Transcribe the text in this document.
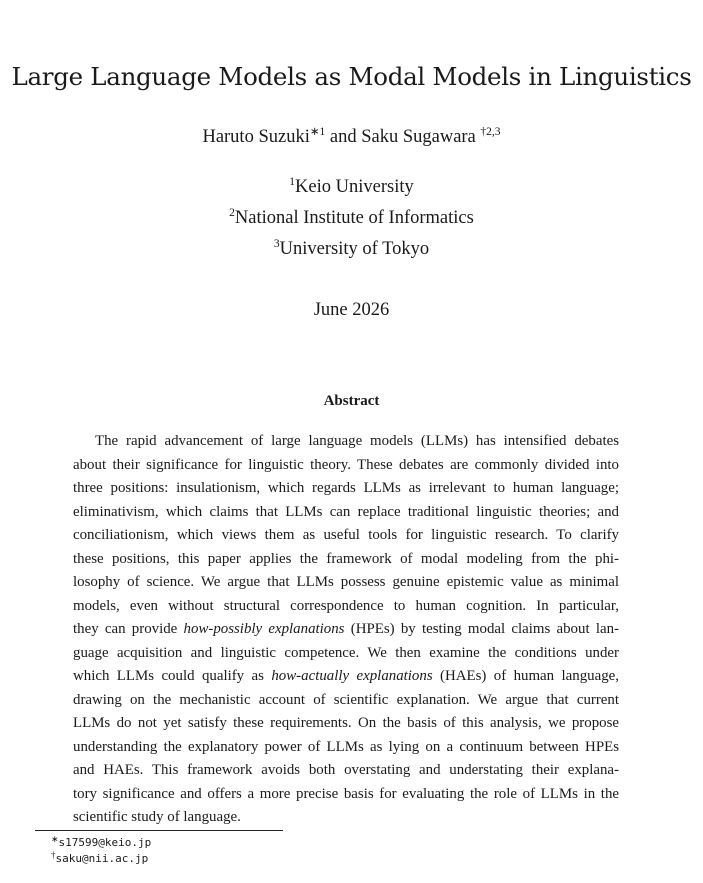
Large Language Models as Modal Models in Linguistics
Haruto Suzuki$^{∗1}$ and Saku Sugawara $^{\dagger 2,3}$
$^1$Keio University
$^2$National Institute of Informatics
$^3$University of Tokyo
June 2026
Abstract
The rapid advancement of large language models (LLMs) has intensified debates
about their significance for linguistic theory. These debates are commonly divided into
three positions: insulationism, which regards LLMs as irrelevant to human language;
eliminativism, which claims that LLMs can replace traditional linguistic theories; and
conciliationism, which views them as useful tools for linguistic research. To clarify
these positions, this paper applies the framework of modal modeling from the phi-
losophy of science. We argue that LLMs possess genuine epistemic value as minimal
models, even without structural correspondence to human cognition. In particular,
they can provide how-possibly explanations (HPEs) by testing modal claims about lan-
guage acquisition and linguistic competence. We then examine the conditions under
which LLMs could qualify as how-actually explanations (HAEs) of human language,
drawing on the mechanistic account of scientific explanation. We argue that current
LLMs do not yet satisfy these requirements. On the basis of this analysis, we propose
understanding the explanatory power of LLMs as lying on a continuum between HPEs
and HAEs. This framework avoids both overstating and understating their explana-
tory significance and offers a more precise basis for evaluating the role of LLMs in the
scientific study of language.
∗s17599@keio.jp
†saku@nii.ac.jp
